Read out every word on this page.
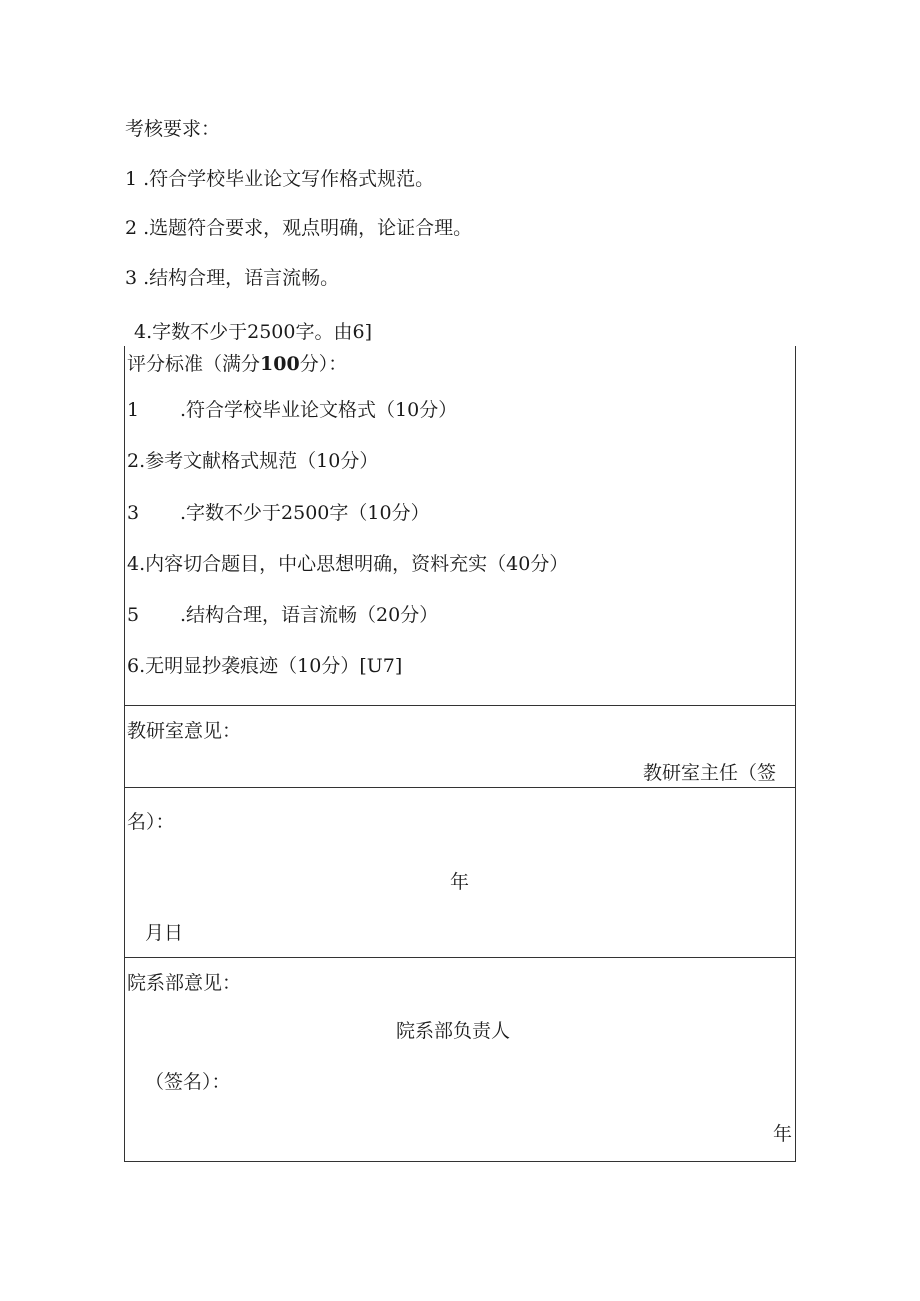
考核要求：
1 .符合学校毕业论文写作格式规范。
2 .选题符合要求，观点明确，论证合理。
3 .结构合理，语言流畅。
4.字数不少于2500字。由6]
评分标准（满分100分）：
1 .符合学校毕业论文格式（10分）
2.参考文献格式规范（10分）
3 .字数不少于2500字（10分）
4.内容切合题目，中心思想明确，资料充实（40分）
5 .结构合理，语言流畅（20分）
6.无明显抄袭痕迹（10分）[U7]
教研室意见：
教研室主任（签
名）：
年
月日
院系部意见：
院系部负责人
（签名）：
年
